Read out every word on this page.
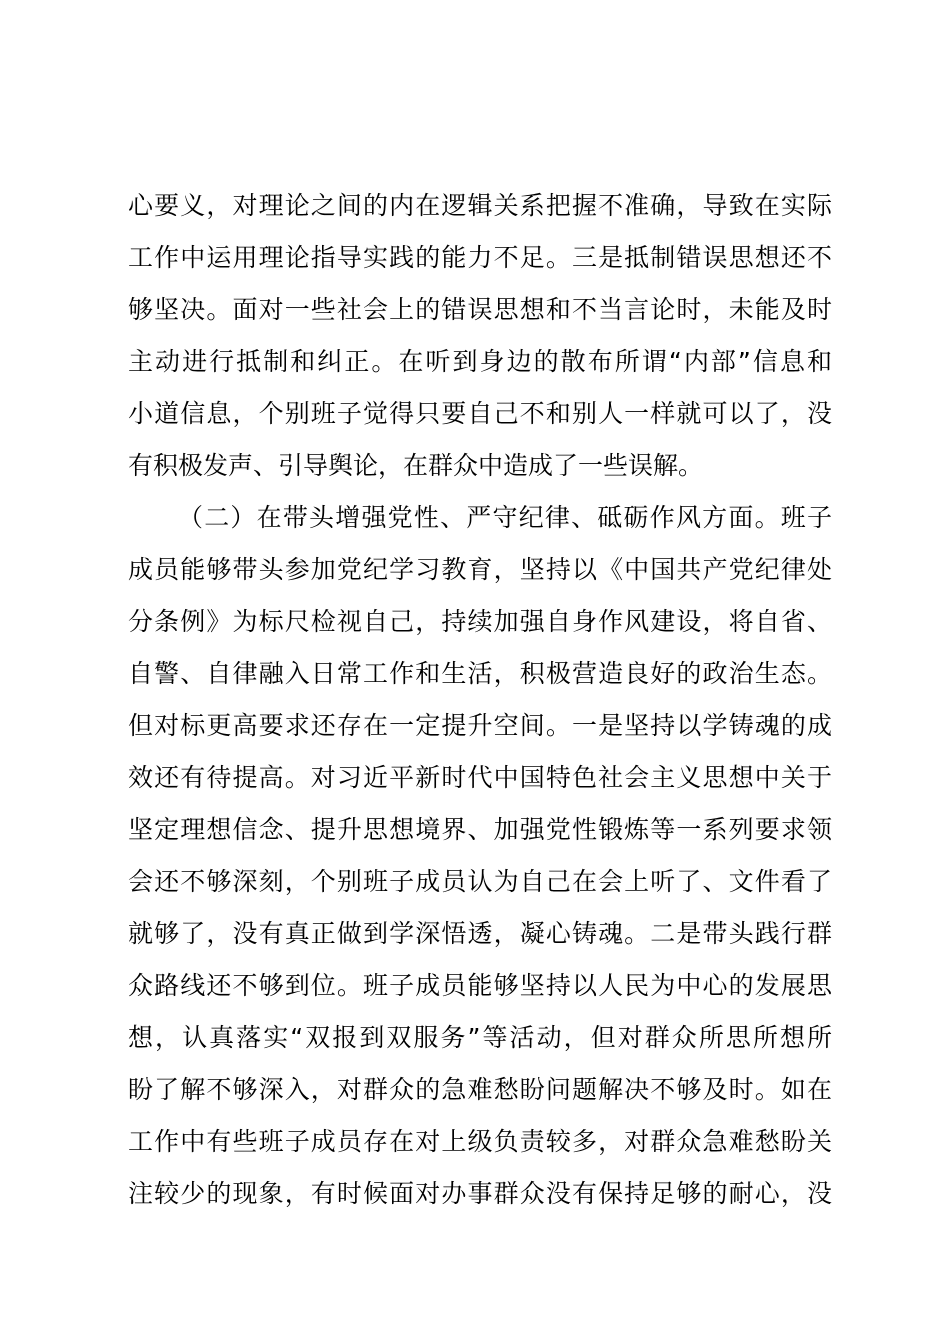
心要义，对理论之间的内在逻辑关系把握不准确，导致在实际
工作中运用理论指导实践的能力不足。三是抵制错误思想还不
够坚决。面对一些社会上的错误思想和不当言论时，未能及时
主动进行抵制和纠正。在听到身边的散布所谓“内部”信息和
小道信息，个别班子觉得只要自己不和别人一样就可以了，没
有积极发声、引导舆论，在群众中造成了一些误解。
（二）在带头增强党性、严守纪律、砥砺作风方面。班子
成员能够带头参加党纪学习教育，坚持以《中国共产党纪律处
分条例》为标尺检视自己，持续加强自身作风建设，将自省、
自警、自律融入日常工作和生活，积极营造良好的政治生态。
但对标更高要求还存在一定提升空间。一是坚持以学铸魂的成
效还有待提高。对习近平新时代中国特色社会主义思想中关于
坚定理想信念、提升思想境界、加强党性锻炼等一系列要求领
会还不够深刻，个别班子成员认为自己在会上听了、文件看了
就够了，没有真正做到学深悟透，凝心铸魂。二是带头践行群
众路线还不够到位。班子成员能够坚持以人民为中心的发展思
想，认真落实“双报到双服务”等活动，但对群众所思所想所
盼了解不够深入，对群众的急难愁盼问题解决不够及时。如在
工作中有些班子成员存在对上级负责较多，对群众急难愁盼关
注较少的现象，有时候面对办事群众没有保持足够的耐心，没
